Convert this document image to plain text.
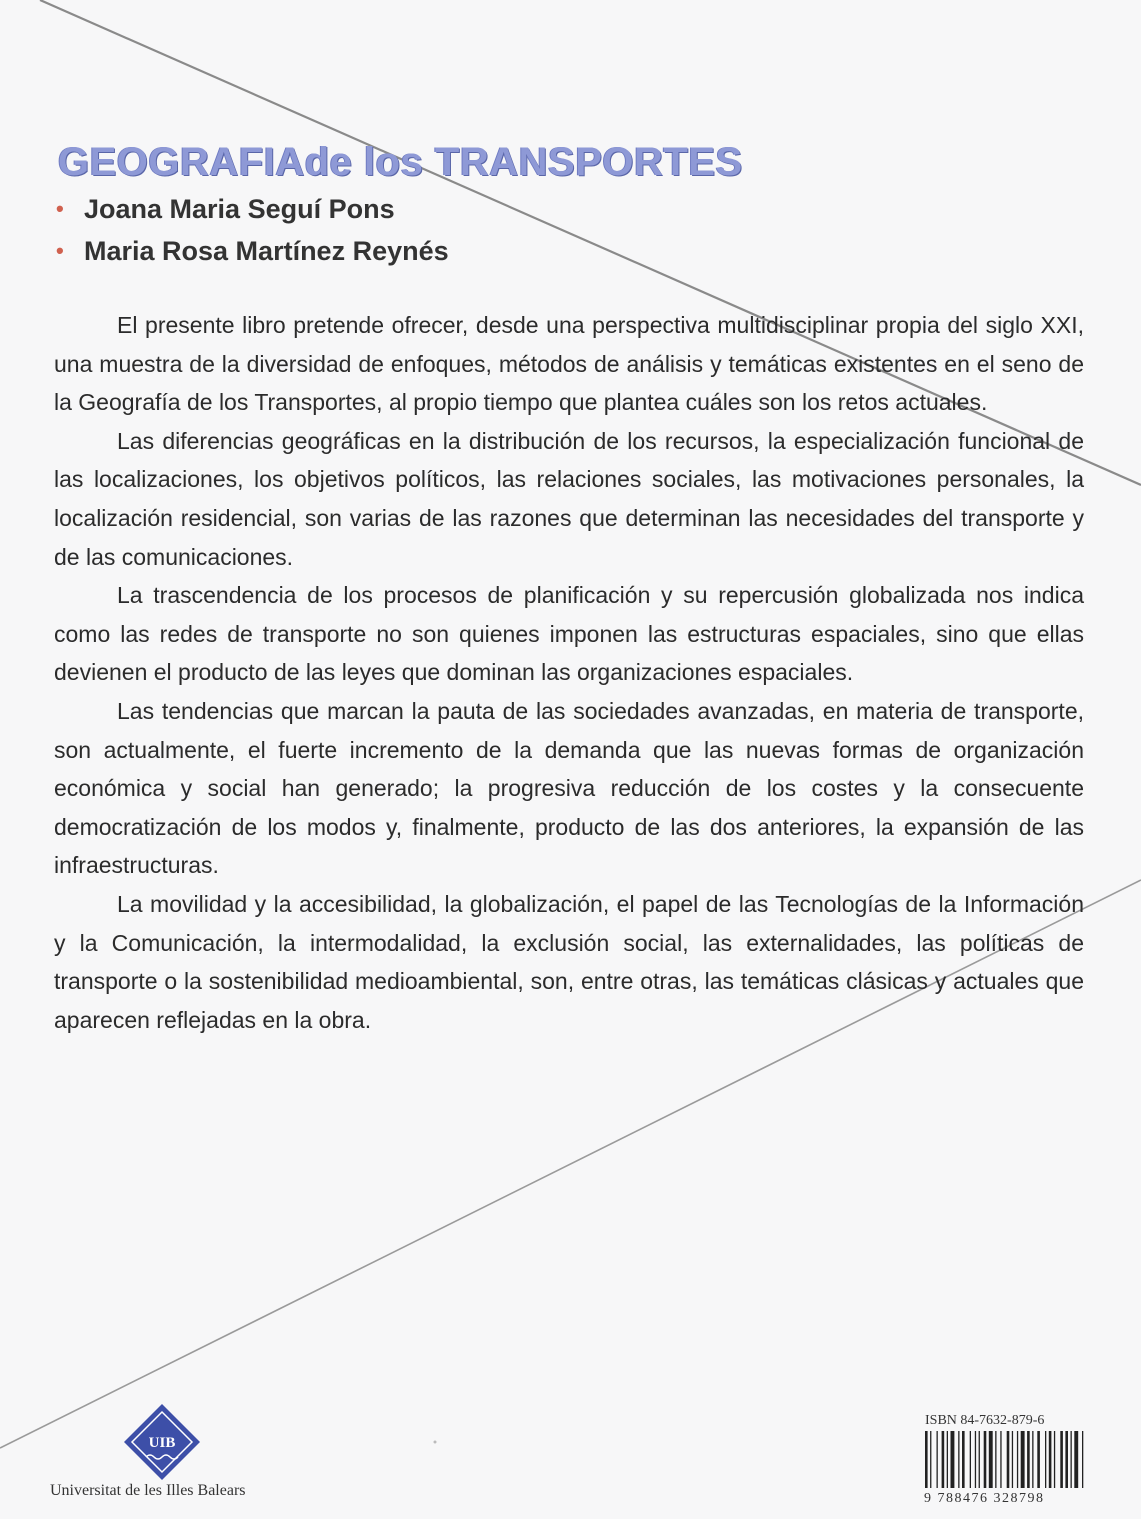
GEOGRAFIAde los TRANSPORTES
• Joana Maria Seguí Pons
• Maria Rosa Martínez Reynés

El presente libro pretende ofrecer, desde una perspectiva multidisciplinar propia del siglo XXI, una muestra de la diversidad de enfoques, métodos de análisis y temáticas existentes en el seno de la Geografía de los Transportes, al propio tiempo que plantea cuáles son los retos actuales.

Las diferencias geográficas en la distribución de los recursos, la especialización funcional de las localizaciones, los objetivos políticos, las relaciones sociales, las motivaciones personales, la localización residencial, son varias de las razones que determinan las necesidades del transporte y de las comunicaciones.

La trascendencia de los procesos de planificación y su repercusión globalizada nos indica como las redes de transporte no son quienes imponen las estructuras espaciales, sino que ellas devienen el producto de las leyes que dominan las organizaciones espaciales.

Las tendencias que marcan la pauta de las sociedades avanzadas, en materia de transporte, son actualmente, el fuerte incremento de la demanda que las nuevas formas de organización económica y social han generado; la progresiva reducción de los costes y la consecuente democratización de los modos y, finalmente, producto de las dos anteriores, la expansión de las infraestructuras.

La movilidad y la accesibilidad, la globalización, el papel de las Tecnologías de la Información y la Comunicación, la intermodalidad, la exclusión social, las externalidades, las políticas de transporte o la sostenibilidad medioambiental, son, entre otras, las temáticas clásicas y actuales que aparecen reflejadas en la obra.

UIB
Universitat de les Illes Balears
ISBN 84-7632-879-6
9 788476 328798
